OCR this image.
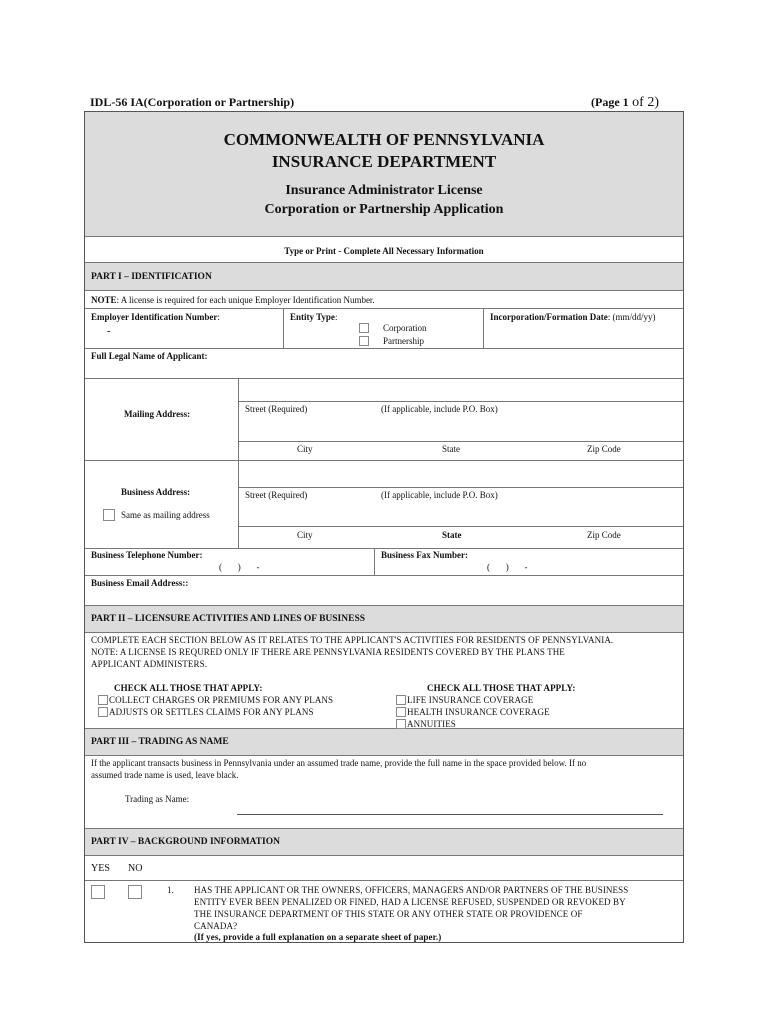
IDL-56 IA(Corporation or Partnership)	(Page 1 of 2)
COMMONWEALTH OF PENNSYLVANIA
INSURANCE DEPARTMENT
Insurance Administrator License
Corporation or Partnership Application
Type or Print - Complete All Necessary Information
PART I – IDENTIFICATION
NOTE: A license is required for each unique Employer Identification Number.
Employer Identification Number:
-
Entity Type:
Corporation
Partnership
Incorporation/Formation Date: (mm/dd/yy)
Full Legal Name of Applicant:
Mailing Address:	Street (Required)	(If applicable, include P.O. Box)
City	State	Zip Code
Business Address:
Same as mailing address
Street (Required)	(If applicable, include P.O. Box)
City	State	Zip Code
Business Telephone Number:
(       )       -
Business Fax Number:
(       )       -
Business Email Address::
PART II – LICENSURE ACTIVITIES AND LINES OF BUSINESS
COMPLETE EACH SECTION BELOW AS IT RELATES TO THE APPLICANT'S ACTIVITIES FOR RESIDENTS OF PENNSYLVANIA.
NOTE: A LICENSE IS REQURED ONLY IF THERE ARE PENNSYLVANIA RESIDENTS COVERED BY THE PLANS THE
APPLICANT ADMINISTERS.
CHECK ALL THOSE THAT APPLY:
COLLECT CHARGES OR PREMIUMS FOR ANY PLANS
ADJUSTS OR SETTLES CLAIMS FOR ANY PLANS
CHECK ALL THOSE THAT APPLY:
LIFE INSURANCE COVERAGE
HEALTH INSURANCE COVERAGE
ANNUITIES
PART III – TRADING AS NAME
If the applicant transacts business in Pennsylvania under an assumed trade name, provide the full name in the space provided below. If no
assumed trade name is used, leave black.
Trading as Name:
PART IV – BACKGROUND INFORMATION
YES NO
1. HAS THE APPLICANT OR THE OWNERS, OFFICERS, MANAGERS AND/OR PARTNERS OF THE BUSINESS
ENTITY EVER BEEN PENALIZED OR FINED, HAD A LICENSE REFUSED, SUSPENDED OR REVOKED BY
THE INSURANCE DEPARTMENT OF THIS STATE OR ANY OTHER STATE OR PROVIDENCE OF
CANADA?
(If yes, provide a full explanation on a separate sheet of paper.)
